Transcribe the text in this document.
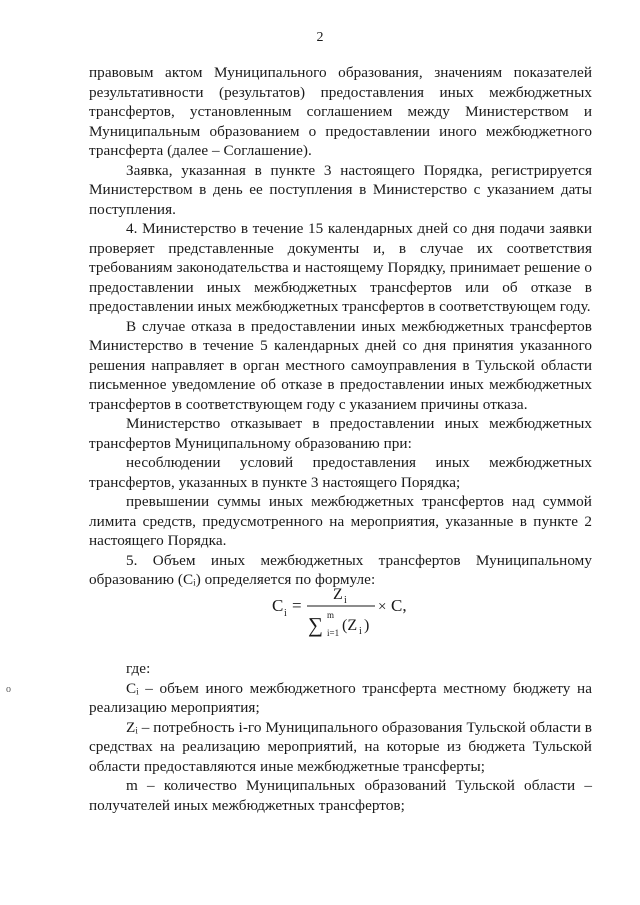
2

правовым актом Муниципального образования, значениям показателей результативности (результатов) предоставления иных межбюджетных трансфертов, установленным соглашением между Министерством и Муниципальным образованием о предоставлении иного межбюджетного трансферта (далее – Соглашение).

Заявка, указанная в пункте 3 настоящего Порядка, регистрируется Министерством в день ее поступления в Министерство с указанием даты поступления.

4. Министерство в течение 15 календарных дней со дня подачи заявки проверяет представленные документы и, в случае их соответствия требованиям законодательства и настоящему Порядку, принимает решение о предоставлении иных межбюджетных трансфертов или об отказе в предоставлении иных межбюджетных трансфертов в соответствующем году.

В случае отказа в предоставлении иных межбюджетных трансфертов Министерство в течение 5 календарных дней со дня принятия указанного решения направляет в орган местного самоуправления в Тульской области письменное уведомление об отказе в предоставлении иных межбюджетных трансфертов в соответствующем году с указанием причины отказа.

Министерство отказывает в предоставлении иных межбюджетных трансфертов Муниципальному образованию при:

несоблюдении условий предоставления иных межбюджетных трансфертов, указанных в пункте 3 настоящего Порядка;

превышении суммы иных межбюджетных трансфертов над суммой лимита средств, предусмотренного на мероприятия, указанные в пункте 2 настоящего Порядка.

5. Объем иных межбюджетных трансфертов Муниципальному образованию (Cᵢ) определяется по формуле:

C i =
Z i
∑ m
i=1 (Z i )
× C,

где:

Cᵢ – объем иного межбюджетного трансферта местному бюджету на реализацию мероприятия;

Zᵢ – потребность i-го Муниципального образования Тульской области в средствах на реализацию мероприятий, на которые из бюджета Тульской области предоставляются иные межбюджетные трансферты;

m – количество Муниципальных образований Тульской области – получателей иных межбюджетных трансфертов;

o
